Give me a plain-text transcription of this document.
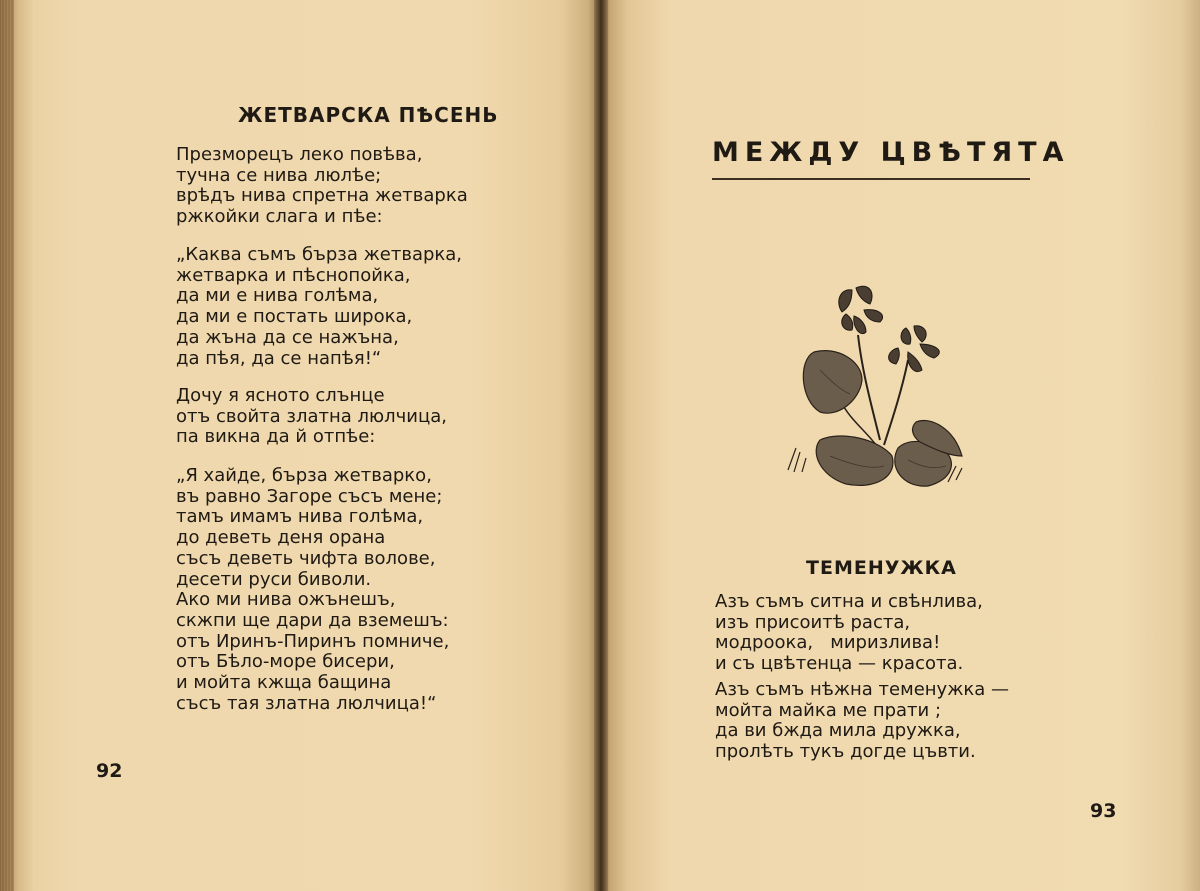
ЖЕТВАРСКА ПѢСЕНЬ
Презморецъ леко повѣва,
тучна се нива люлѣе;
врѣдъ нива спретна жетварка
ржкойки слага и пѣе:
„Каква съмъ бърза жетварка,
жетварка и пѣснопойка,
да ми е нива голѣма,
да ми е постать широка,
да жъна да се нажъна,
да пѣя, да се напѣя!“
Дочу я ясното слънце
отъ свойта златна люлчица,
па викна да й отпѣе:
„Я хайде, бърза жетварко,
въ равно Загоре съсъ мене;
тамъ имамъ нива голѣма,
до деветь деня орана
съсъ деветь чифта волове,
десети руси биволи.
Ако ми нива ожънешъ,
скжпи ще дари да вземешъ:
отъ Иринъ-Пиринъ помниче,
отъ Бѣло-море бисери,
и мойта кжща бащина
съсъ тая златна люлчица!“
92
МЕЖДУ ЦВѢТЯТА
ТЕМЕНУЖКА
Азъ съмъ ситна и свѣнлива,
изъ присоитѣ раста,
модроока,   миризлива!
и съ цвѣтенца — красота.
Азъ съмъ нѣжна теменужка —
мойта майка ме прати ;
да ви бжда мила дружка,
пролѣть тукъ догде цъвти.
93
